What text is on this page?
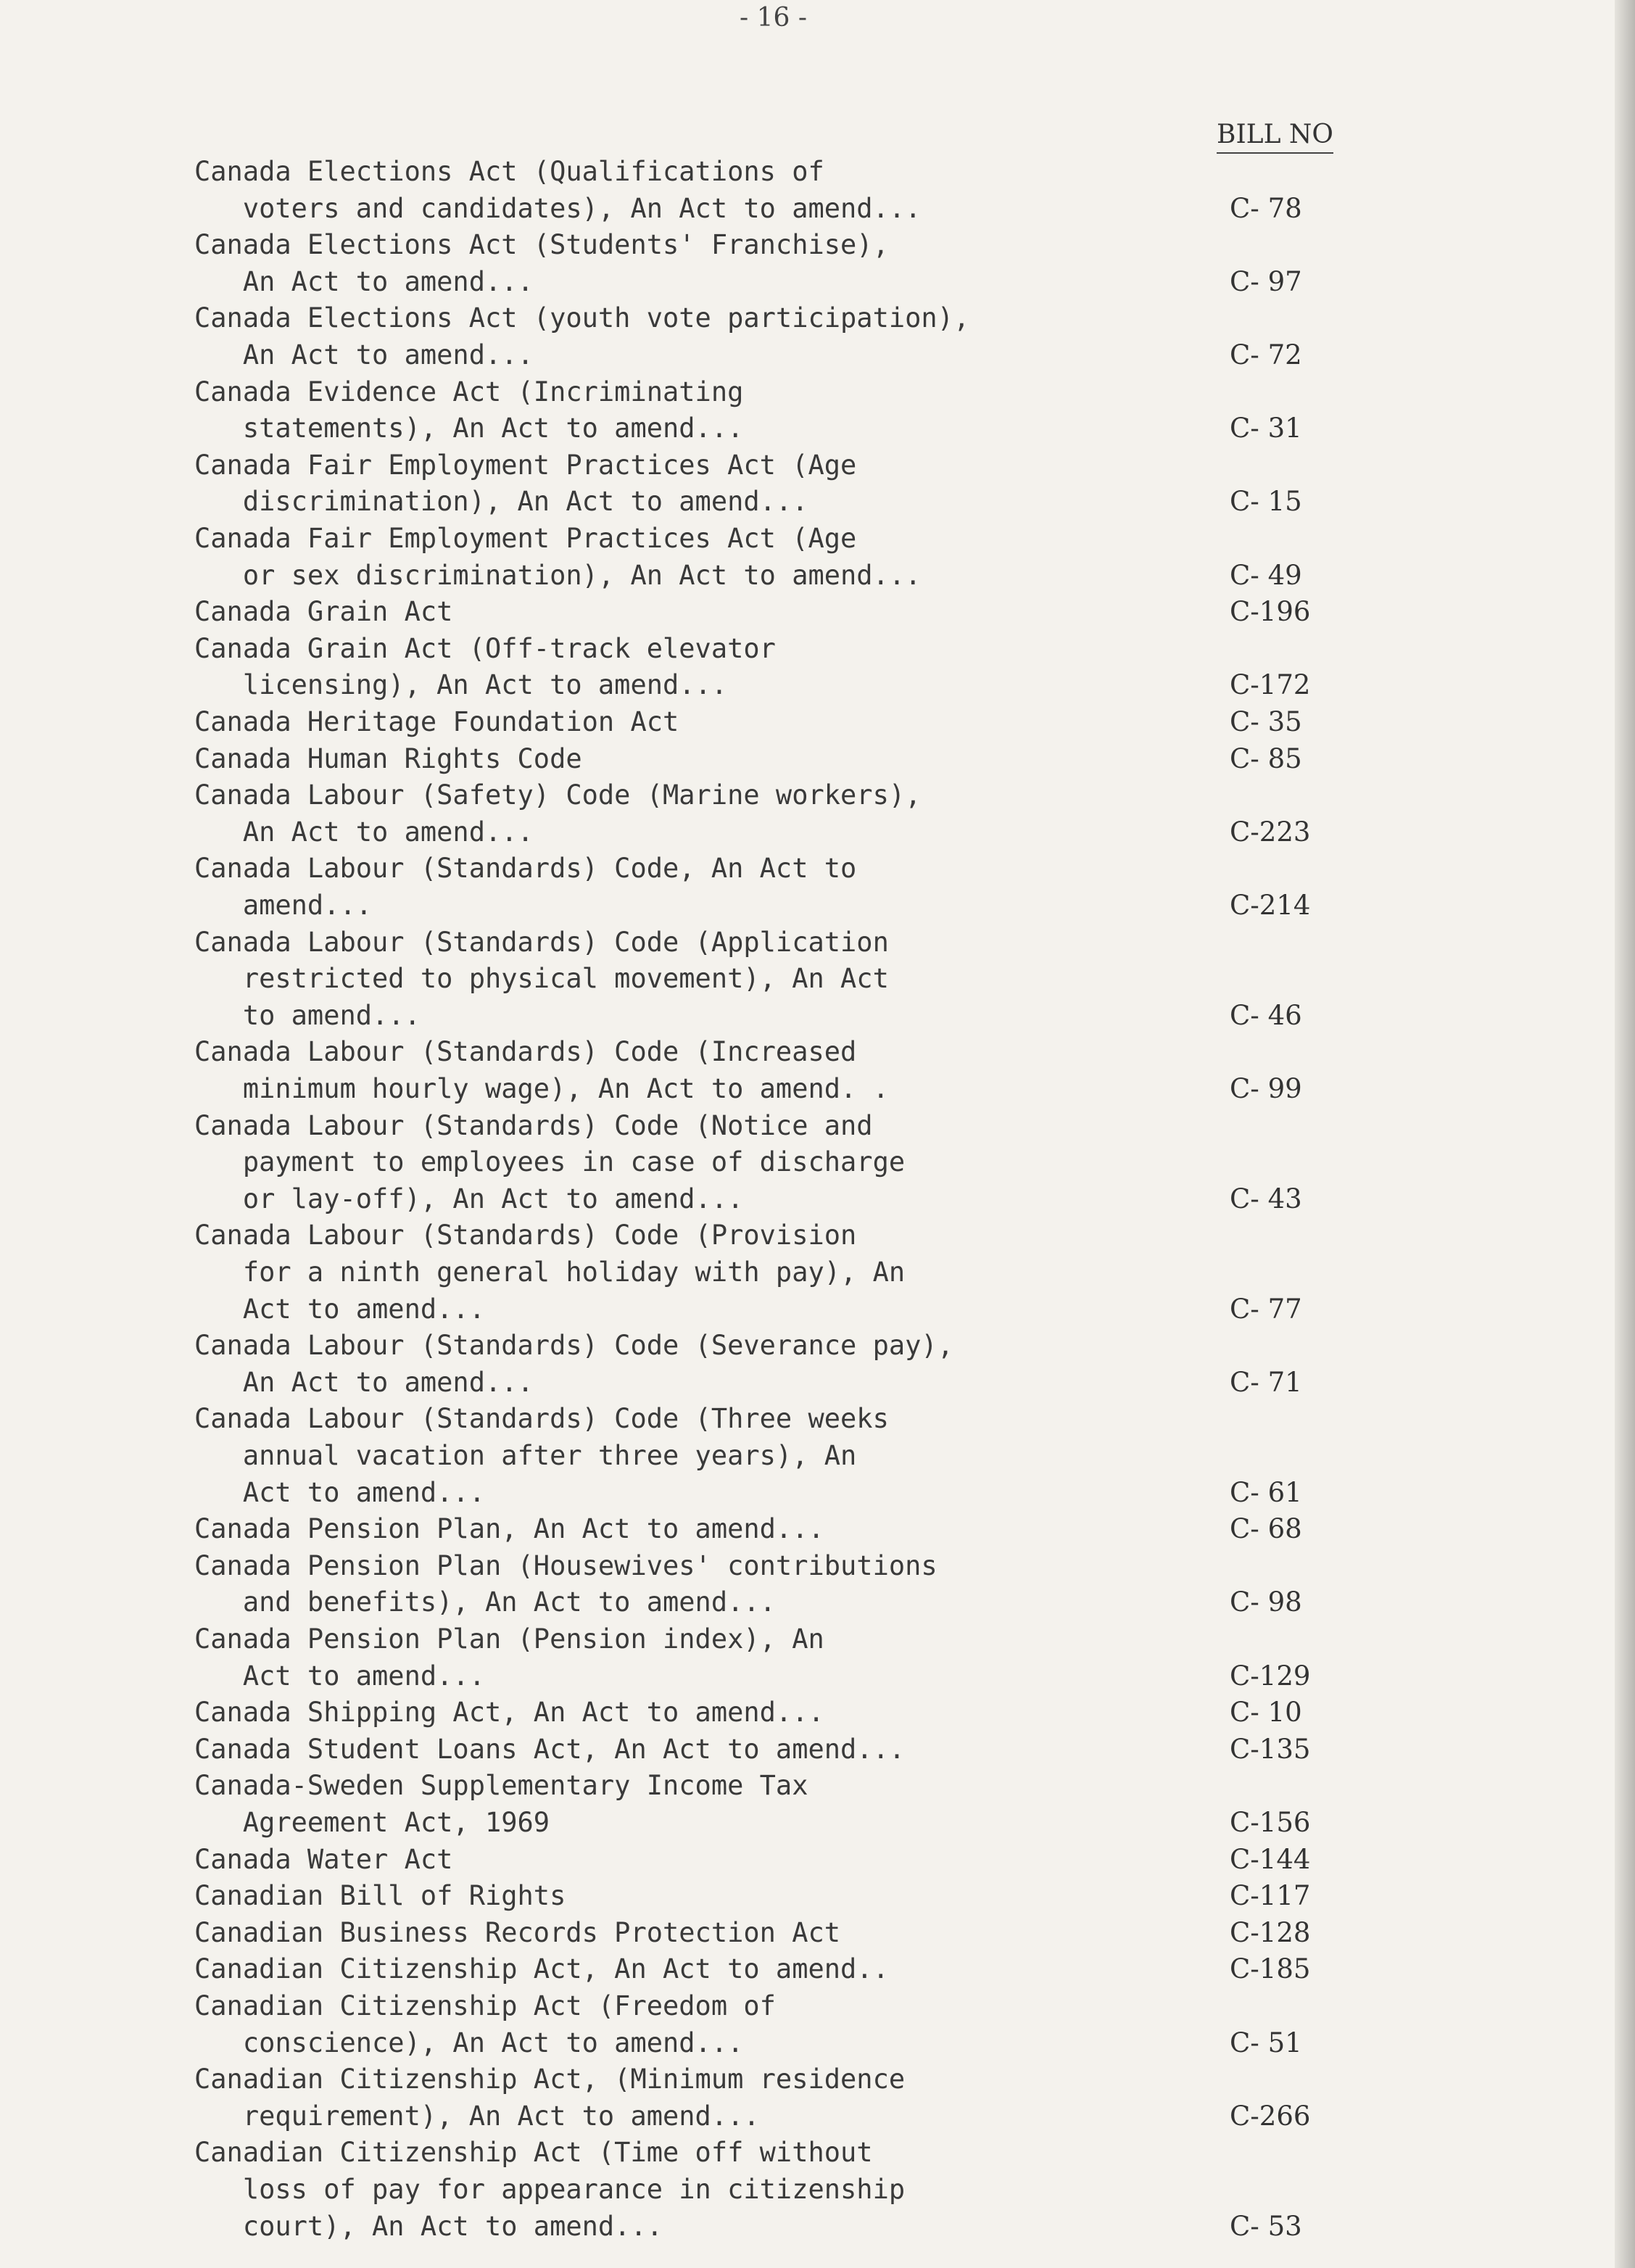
- 16 -
BILL NO
Canada Elections Act (Qualifications of
voters and candidates), An Act to amend...	C- 78
Canada Elections Act (Students' Franchise),
An Act to amend...	C- 97
Canada Elections Act (youth vote participation),
An Act to amend...	C- 72
Canada Evidence Act (Incriminating
statements), An Act to amend...	C- 31
Canada Fair Employment Practices Act (Age
discrimination), An Act to amend...	C- 15
Canada Fair Employment Practices Act (Age
or sex discrimination), An Act to amend...	C- 49
Canada Grain Act	C-196
Canada Grain Act (Off-track elevator
licensing), An Act to amend...	C-172
Canada Heritage Foundation Act	C- 35
Canada Human Rights Code	C- 85
Canada Labour (Safety) Code (Marine workers),
An Act to amend...	C-223
Canada Labour (Standards) Code, An Act to
amend...	C-214
Canada Labour (Standards) Code (Application
restricted to physical movement), An Act
to amend...	C- 46
Canada Labour (Standards) Code (Increased
minimum hourly wage), An Act to amend. .	C- 99
Canada Labour (Standards) Code (Notice and
payment to employees in case of discharge
or lay-off), An Act to amend...	C- 43
Canada Labour (Standards) Code (Provision
for a ninth general holiday with pay), An
Act to amend...	C- 77
Canada Labour (Standards) Code (Severance pay),
An Act to amend...	C- 71
Canada Labour (Standards) Code (Three weeks
annual vacation after three years), An
Act to amend...	C- 61
Canada Pension Plan, An Act to amend...	C- 68
Canada Pension Plan (Housewives' contributions
and benefits), An Act to amend...	C- 98
Canada Pension Plan (Pension index), An
Act to amend...	C-129
Canada Shipping Act, An Act to amend...	C- 10
Canada Student Loans Act, An Act to amend...	C-135
Canada-Sweden Supplementary Income Tax
Agreement Act, 1969	C-156
Canada Water Act	C-144
Canadian Bill of Rights	C-117
Canadian Business Records Protection Act	C-128
Canadian Citizenship Act, An Act to amend..	C-185
Canadian Citizenship Act (Freedom of
conscience), An Act to amend...	C- 51
Canadian Citizenship Act, (Minimum residence
requirement), An Act to amend...	C-266
Canadian Citizenship Act (Time off without
loss of pay for appearance in citizenship
court), An Act to amend...	C- 53
